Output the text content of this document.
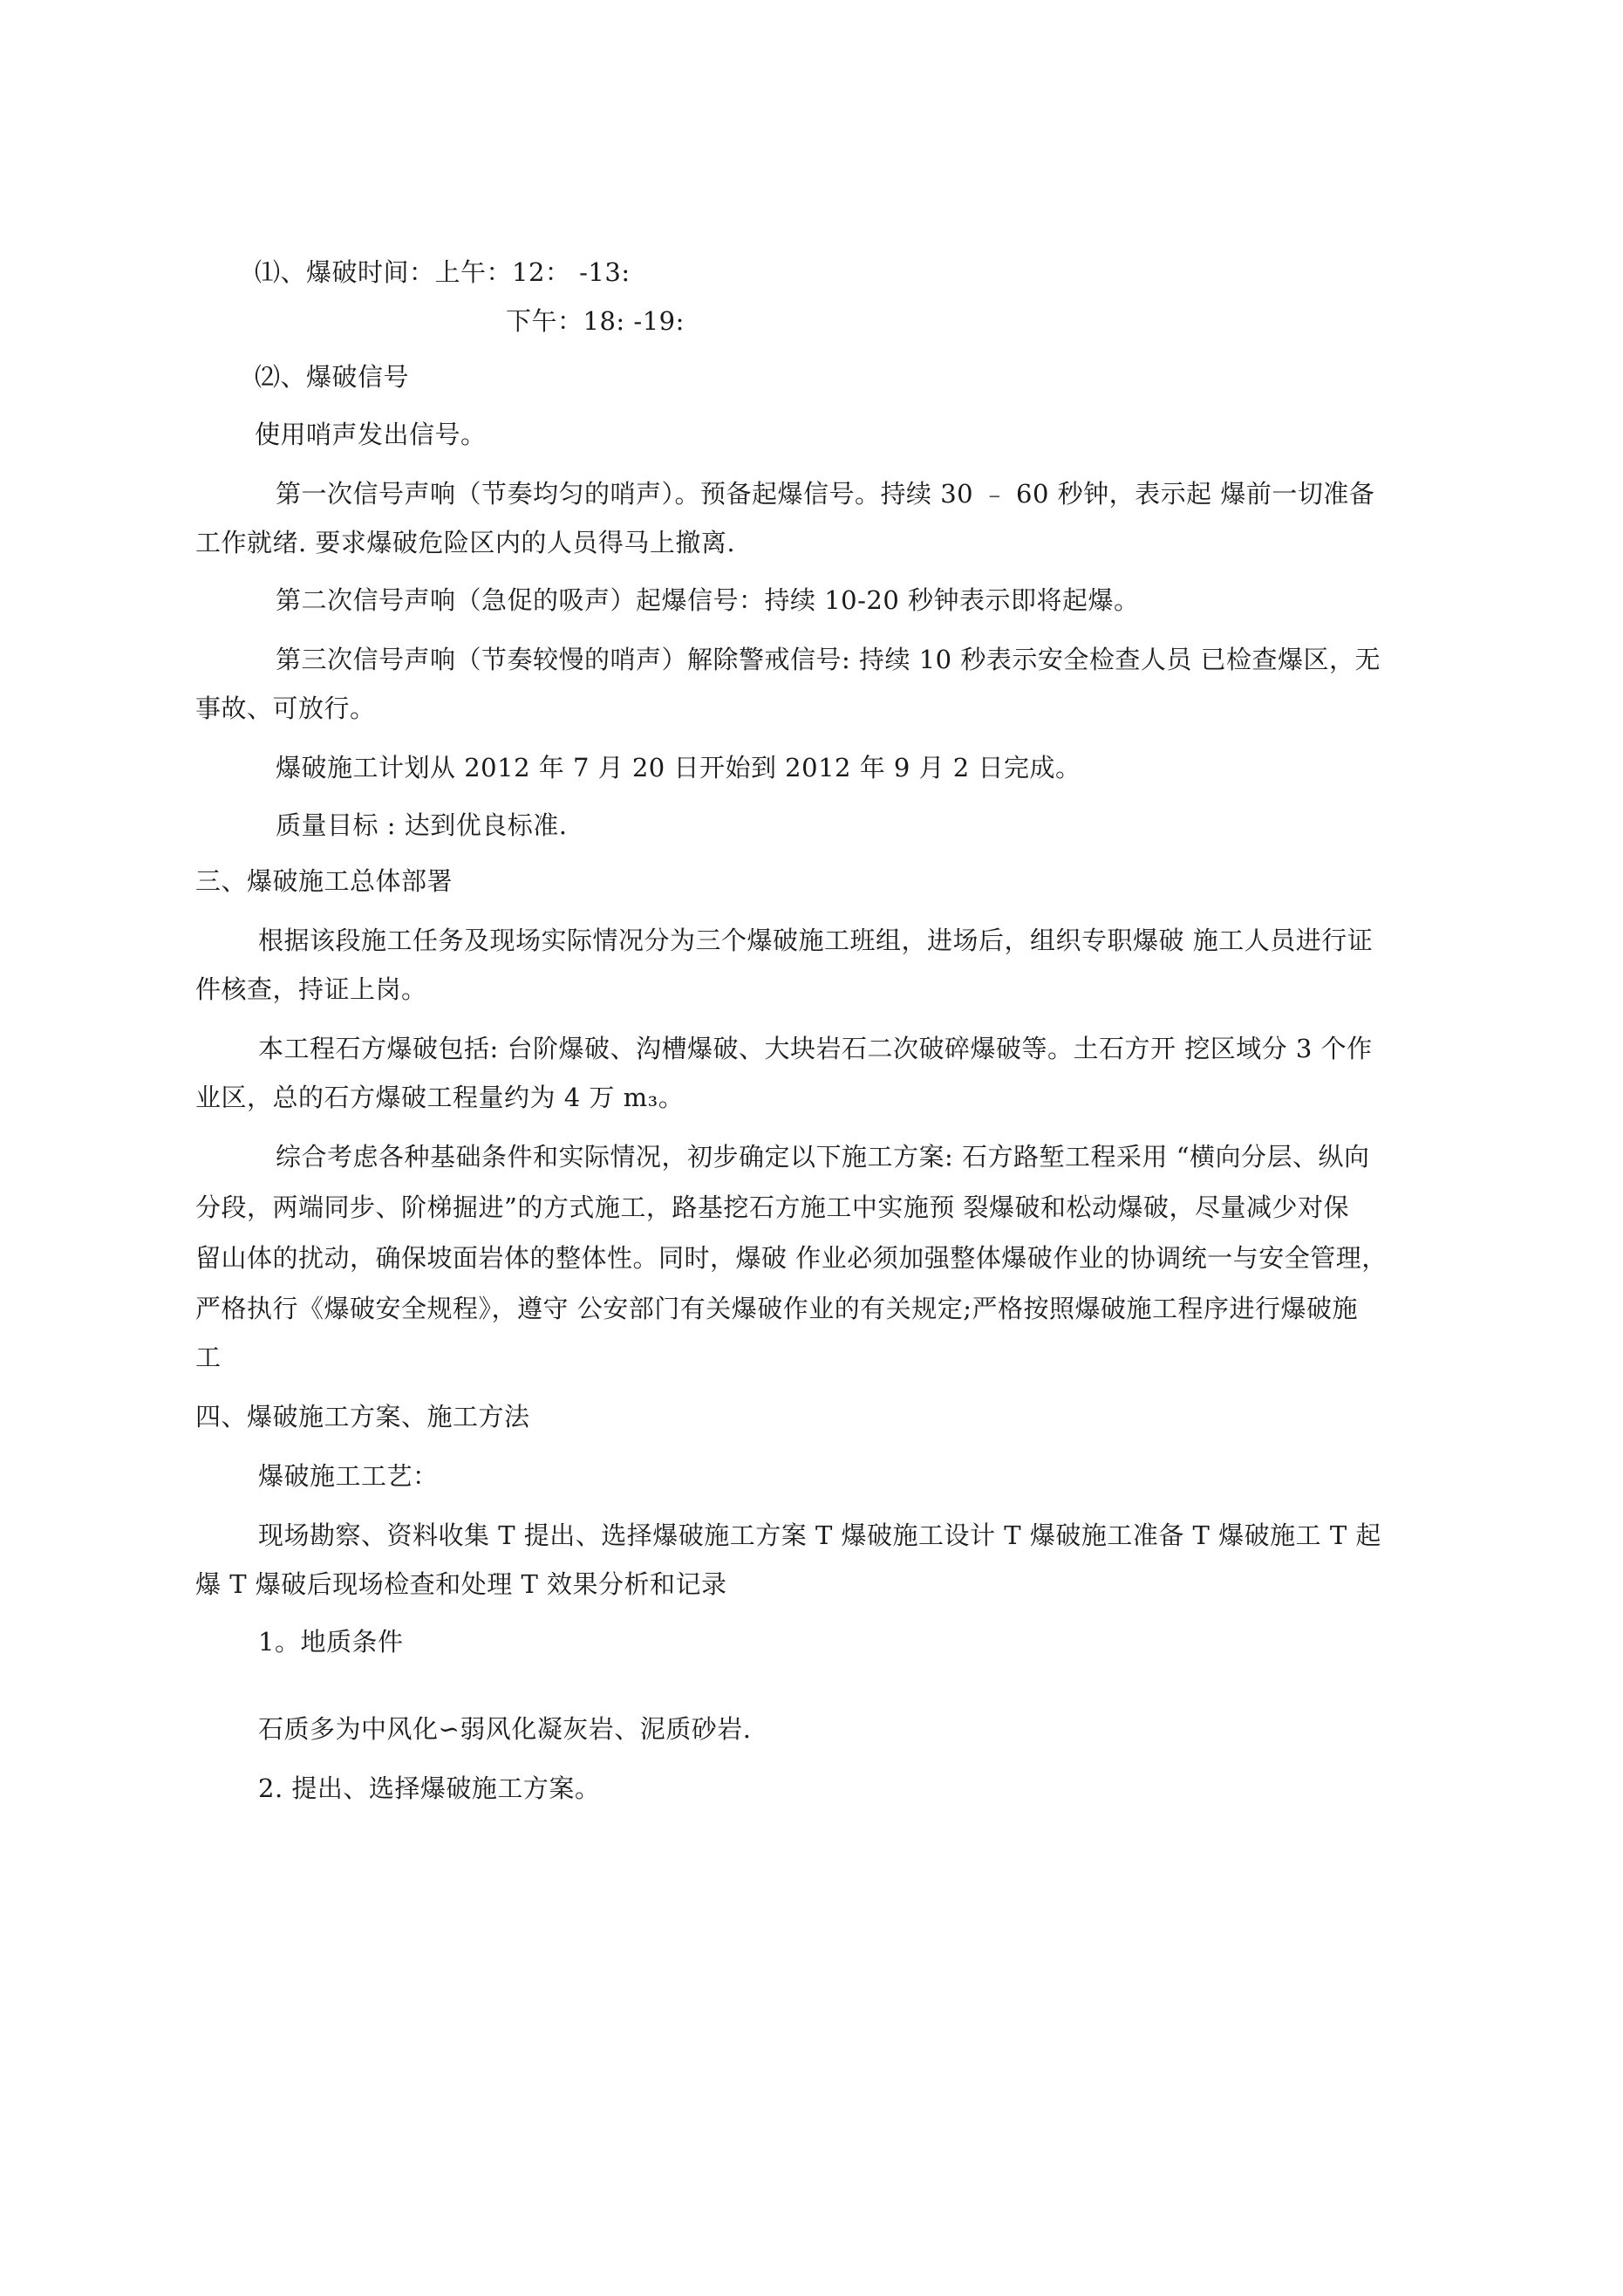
⑴、爆破时间：上午：12： -13:
下午：18: -19:
⑵、爆破信号
使用哨声发出信号。
第一次信号声响（节奏均匀的哨声）。预备起爆信号。持续 30 ﹣ 60 秒钟，表示起 爆前一切准备
工作就绪. 要求爆破危险区内的人员得马上撤离.
第二次信号声响（急促的吸声）起爆信号：持续 10-20 秒钟表示即将起爆。
第三次信号声响（节奏较慢的哨声）解除警戒信号: 持续 10 秒表示安全检查人员 已检查爆区，无
事故、可放行。
爆破施工计划从 2012 年 7 月 20 日开始到 2012 年 9 月 2 日完成。
质量目标 : 达到优良标准.
三、爆破施工总体部署
根据该段施工任务及现场实际情况分为三个爆破施工班组，进场后，组织专职爆破 施工人员进行证
件核查，持证上岗。
本工程石方爆破包括: 台阶爆破、沟槽爆破、大块岩石二次破碎爆破等。土石方开 挖区域分 3 个作
业区，总的石方爆破工程量约为 4 万 m₃。
综合考虑各种基础条件和实际情况，初步确定以下施工方案: 石方路堑工程采用 “横向分层、纵向
分段，两端同步、阶梯掘进”的方式施工，路基挖石方施工中实施预 裂爆破和松动爆破，尽量减少对保
留山体的扰动，确保坡面岩体的整体性。同时，爆破 作业必须加强整体爆破作业的协调统一与安全管理，
严格执行《爆破安全规程》，遵守 公安部门有关爆破作业的有关规定;严格按照爆破施工程序进行爆破施
工
四、爆破施工方案、施工方法
爆破施工工艺：
现场勘察、资料收集 T 提出、选择爆破施工方案 T 爆破施工设计 T 爆破施工准备 T 爆破施工 T 起
爆 T 爆破后现场检查和处理 T 效果分析和记录
1。地质条件
石质多为中风化∽弱风化凝灰岩、泥质砂岩.
2. 提出、选择爆破施工方案。
